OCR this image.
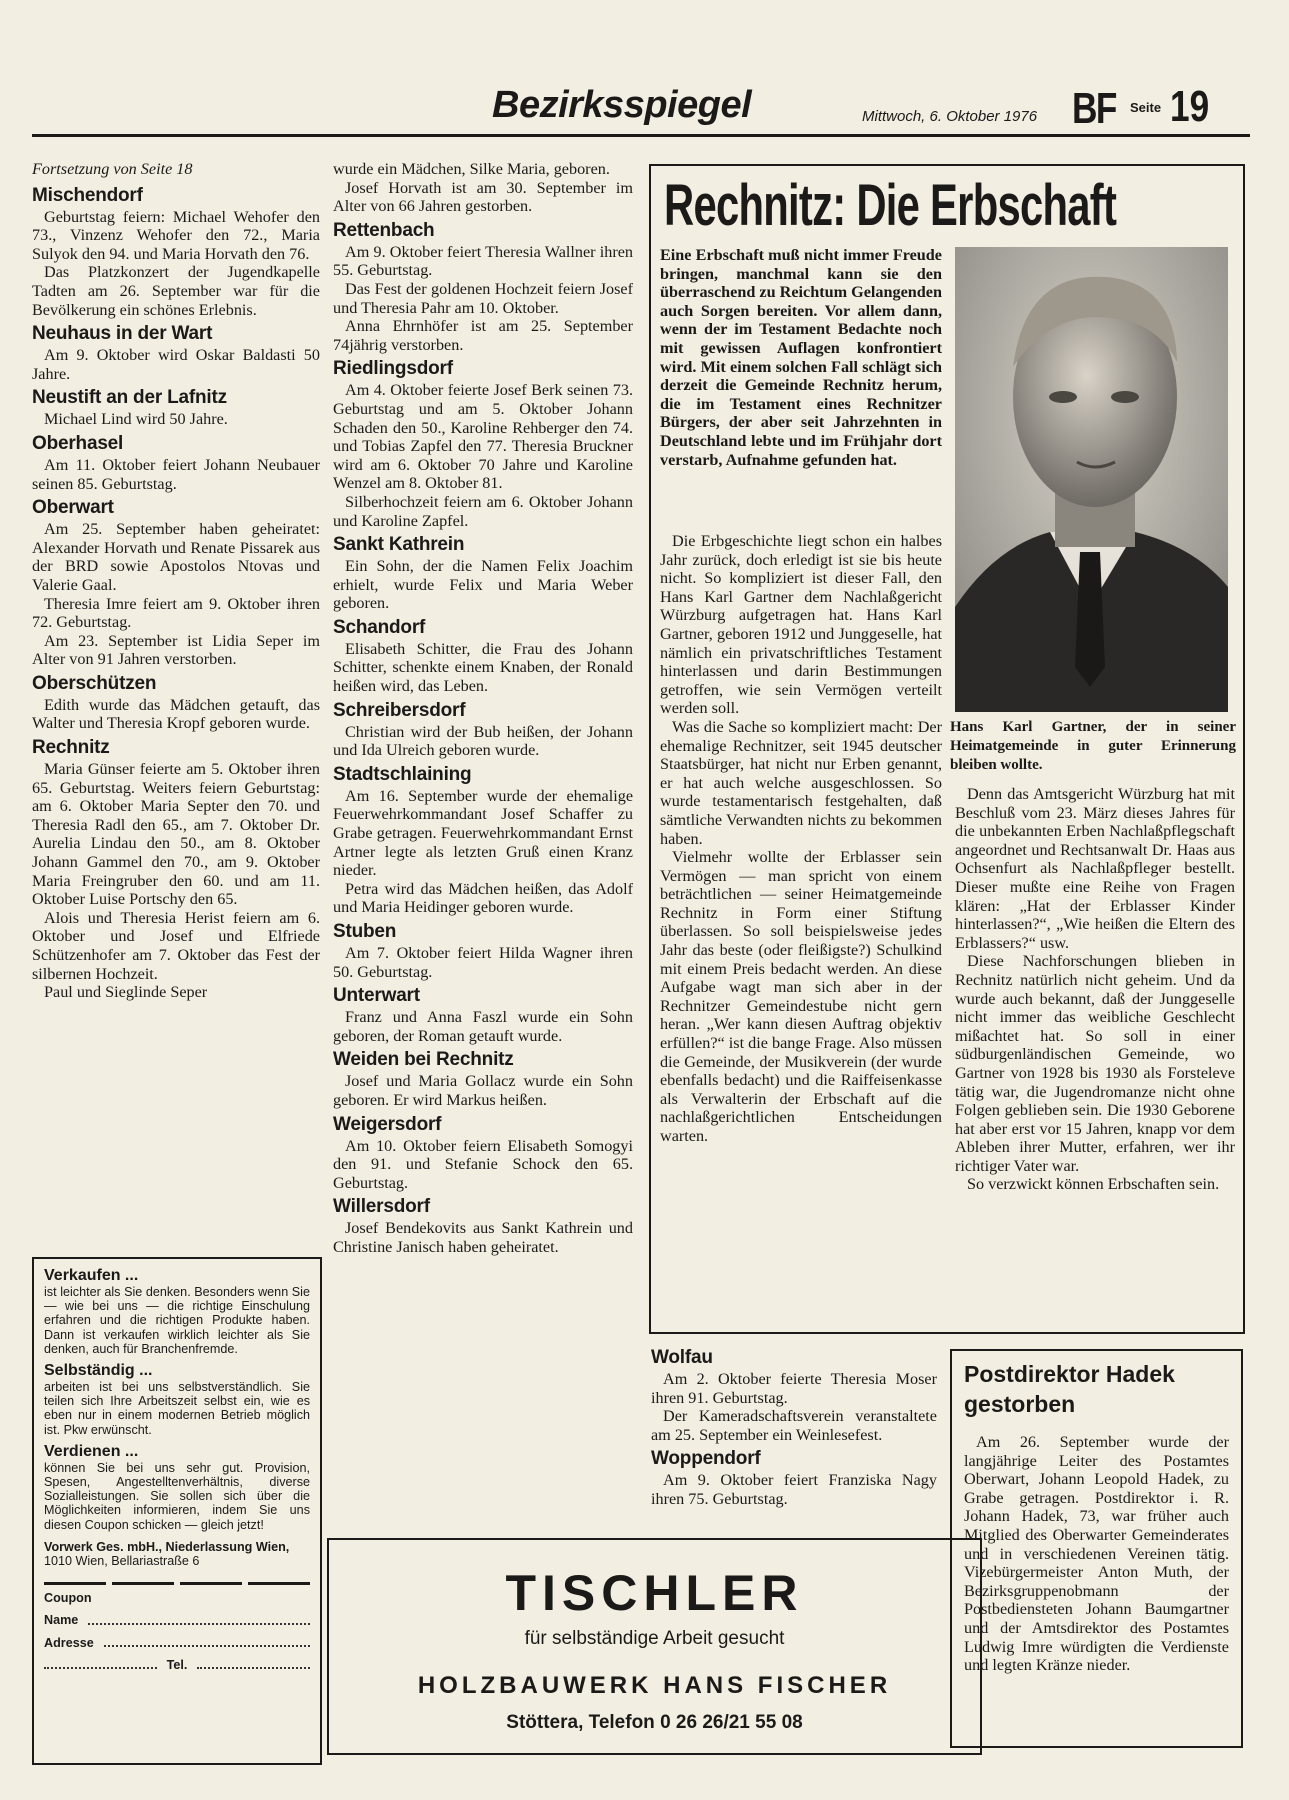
Bezirksspiegel	Mittwoch, 6. Oktober 1976 BF Seite 19

Fortsetzung von Seite 18

Mischendorf

Geburtstag feiern: Michael Wehofer den 73., Vinzenz Wehofer den 72., Maria Sulyok den 94. und Maria Horvath den 76.

Das Platzkonzert der Jugendkapelle Tadten am 26. September war für die Bevölkerung ein schönes Erlebnis.

Neuhaus in der Wart

Am 9. Oktober wird Oskar Baldasti 50 Jahre.

Neustift an der Lafnitz

Michael Lind wird 50 Jahre.

Oberhasel

Am 11. Oktober feiert Johann Neubauer seinen 85. Geburtstag.

Oberwart

Am 25. September haben geheiratet: Alexander Horvath und Renate Pissarek aus der BRD sowie Apostolos Ntovas und Valerie Gaal.

Theresia Imre feiert am 9. Oktober ihren 72. Geburtstag.

Am 23. September ist Lidia Seper im Alter von 91 Jahren verstorben.

Oberschützen

Edith wurde das Mädchen getauft, das Walter und Theresia Kropf geboren wurde.

Rechnitz

Maria Günser feierte am 5. Oktober ihren 65. Geburtstag. Weiters feiern Geburtstag: am 6. Oktober Maria Septer den 70. und Theresia Radl den 65., am 7. Oktober Dr. Aurelia Lindau den 50., am 8. Oktober Johann Gammel den 70., am 9. Oktober Maria Freingruber den 60. und am 11. Oktober Luise Portschy den 65.

Alois und Theresia Herist feiern am 6. Oktober und Josef und Elfriede Schützenhofer am 7. Oktober das Fest der silbernen Hochzeit.

Paul und Sieglinde Seper

wurde ein Mädchen, Silke Maria, geboren.

Josef Horvath ist am 30. September im Alter von 66 Jahren gestorben.

Rettenbach

Am 9. Oktober feiert Theresia Wallner ihren 55. Geburtstag.

Das Fest der goldenen Hochzeit feiern Josef und Theresia Pahr am 10. Oktober.

Anna Ehrnhöfer ist am 25. September 74jährig verstorben.

Riedlingsdorf

Am 4. Oktober feierte Josef Berk seinen 73. Geburtstag und am 5. Oktober Johann Schaden den 50., Karoline Rehberger den 74. und Tobias Zapfel den 77. Theresia Bruckner wird am 6. Oktober 70 Jahre und Karoline Wenzel am 8. Oktober 81.

Silberhochzeit feiern am 6. Oktober Johann und Karoline Zapfel.

Sankt Kathrein

Ein Sohn, der die Namen Felix Joachim erhielt, wurde Felix und Maria Weber geboren.

Schandorf

Elisabeth Schitter, die Frau des Johann Schitter, schenkte einem Knaben, der Ronald heißen wird, das Leben.

Schreibersdorf

Christian wird der Bub heißen, der Johann und Ida Ulreich geboren wurde.

Stadtschlaining

Am 16. September wurde der ehemalige Feuerwehrkommandant Josef Schaffer zu Grabe getragen. Feuerwehrkommandant Ernst Artner legte als letzten Gruß einen Kranz nieder.

Petra wird das Mädchen heißen, das Adolf und Maria Heidinger geboren wurde.

Stuben

Am 7. Oktober feiert Hilda Wagner ihren 50. Geburtstag.

Unterwart

Franz und Anna Faszl wurde ein Sohn geboren, der Roman getauft wurde.

Weiden bei Rechnitz

Josef und Maria Gollacz wurde ein Sohn geboren. Er wird Markus heißen.

Weigersdorf

Am 10. Oktober feiern Elisabeth Somogyi den 91. und Stefanie Schock den 65. Geburtstag.

Willersdorf

Josef Bendekovits aus Sankt Kathrein und Christine Janisch haben geheiratet.

Rechnitz: Die Erbschaft

Eine Erbschaft muß nicht immer Freude bringen, manchmal kann sie den überraschend zu Reichtum Gelangenden auch Sorgen bereiten. Vor allem dann, wenn der im Testament Bedachte noch mit gewissen Auflagen konfrontiert wird. Mit einem solchen Fall schlägt sich derzeit die Gemeinde Rechnitz herum, die im Testament eines Rechnitzer Bürgers, der aber seit Jahrzehnten in Deutschland lebte und im Frühjahr dort verstarb, Aufnahme gefunden hat.

Die Erbgeschichte liegt schon ein halbes Jahr zurück, doch erledigt ist sie bis heute nicht. So kompliziert ist dieser Fall, den Hans Karl Gartner dem Nachlaßgericht Würzburg aufgetragen hat. Hans Karl Gartner, geboren 1912 und Junggeselle, hat nämlich ein privatschriftliches Testament hinterlassen und darin Bestimmungen getroffen, wie sein Vermögen verteilt werden soll.

Was die Sache so kompliziert macht: Der ehemalige Rechnitzer, seit 1945 deutscher Staatsbürger, hat nicht nur Erben genannt, er hat auch welche ausgeschlossen. So wurde testamentarisch festgehalten, daß sämtliche Verwandten nichts zu bekommen haben.

Vielmehr wollte der Erblasser sein Vermögen — man spricht von einem beträchtlichen — seiner Heimatgemeinde Rechnitz in Form einer Stiftung überlassen. So soll beispielsweise jedes Jahr das beste (oder fleißigste?) Schulkind mit einem Preis bedacht werden. An diese Aufgabe wagt man sich aber in der Rechnitzer Gemeindestube nicht gern heran. „Wer kann diesen Auftrag objektiv erfüllen?“ ist die bange Frage. Also müssen die Gemeinde, der Musikverein (der wurde ebenfalls bedacht) und die Raiffeisenkasse als Verwalterin der Erbschaft auf die nachlaßgerichtlichen Entscheidungen warten.

Hans Karl Gartner, der in seiner Heimatgemeinde in guter Erinnerung bleiben wollte.

Denn das Amtsgericht Würzburg hat mit Beschluß vom 23. März dieses Jahres für die unbekannten Erben Nachlaßpflegschaft angeordnet und Rechtsanwalt Dr. Haas aus Ochsenfurt als Nachlaßpfleger bestellt. Dieser mußte eine Reihe von Fragen klären: „Hat der Erblasser Kinder hinterlassen?“, „Wie heißen die Eltern des Erblassers?“ usw.

Diese Nachforschungen blieben in Rechnitz natürlich nicht geheim. Und da wurde auch bekannt, daß der Junggeselle nicht immer das weibliche Geschlecht mißachtet hat. So soll in einer südburgenländischen Gemeinde, wo Gartner von 1928 bis 1930 als Forsteleve tätig war, die Jugendromanze nicht ohne Folgen geblieben sein. Die 1930 Geborene hat aber erst vor 15 Jahren, knapp vor dem Ableben ihrer Mutter, erfahren, wer ihr richtiger Vater war.

So verzwickt können Erbschaften sein.

Wolfau

Am 2. Oktober feierte Theresia Moser ihren 91. Geburtstag.

Der Kameradschaftsverein veranstaltete am 25. September ein Weinlesefest.

Woppendorf

Am 9. Oktober feiert Franziska Nagy ihren 75. Geburtstag.

Postdirektor Hadek gestorben

Am 26. September wurde der langjährige Leiter des Postamtes Oberwart, Johann Leopold Hadek, zu Grabe getragen. Postdirektor i. R. Johann Hadek, 73, war früher auch Mitglied des Oberwarter Gemeinderates und in verschiedenen Vereinen tätig. Vizebürgermeister Anton Muth, der Bezirksgruppenobmann der Postbediensteten Johann Baumgartner und der Amtsdirektor des Postamtes Ludwig Imre würdigten die Verdienste und legten Kränze nieder.

Verkaufen ...

ist leichter als Sie denken. Besonders wenn Sie — wie bei uns — die richtige Einschulung erfahren und die richtigen Produkte haben. Dann ist verkaufen wirklich leichter als Sie denken, auch für Branchenfremde.

Selbständig ...

arbeiten ist bei uns selbstverständlich. Sie teilen sich Ihre Arbeitszeit selbst ein, wie es eben nur in einem modernen Betrieb möglich ist. Pkw erwünscht.

Verdienen ...

können Sie bei uns sehr gut. Provision, Spesen, Angestelltenverhältnis, diverse Sozialleistungen. Sie sollen sich über die Möglichkeiten informieren, indem Sie uns diesen Coupon schicken — gleich jetzt!

Vorwerk Ges. mbH., Niederlassung Wien,

1010 Wien, Bellariastraße 6

Coupon
Name
Adresse
Tel.
TISCHLER
für selbständige Arbeit gesucht
HOLZBAUWERK HANS FISCHER
Stöttera, Telefon 0 26 26/21 55 08
